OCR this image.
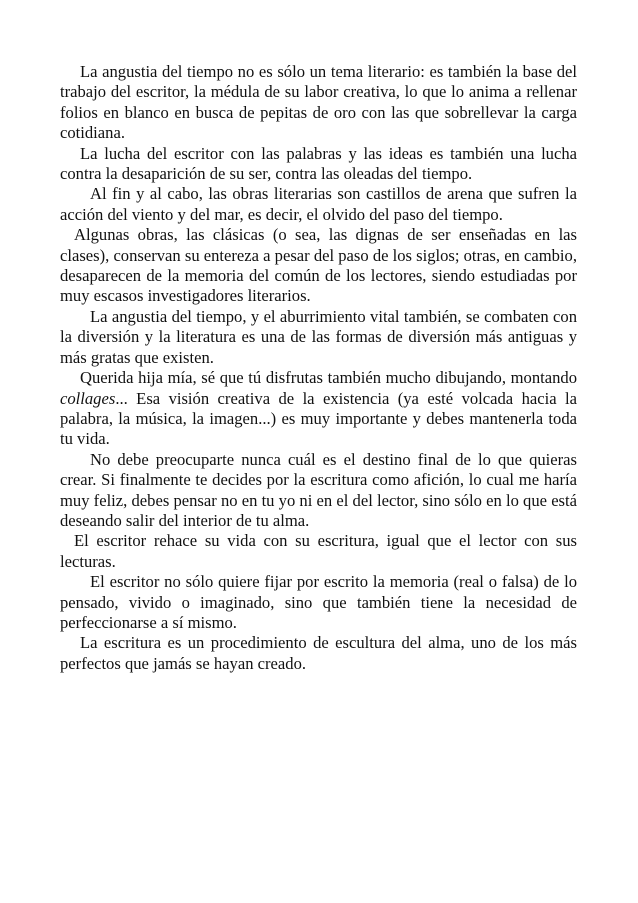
La angustia del tiempo no es sólo un tema literario: es también la base del trabajo del escritor, la médula de su labor creativa, lo que lo anima a rellenar folios en blanco en busca de pepitas de oro con las que sobrellevar la carga cotidiana.

La lucha del escritor con las palabras y las ideas es también una lucha contra la desaparición de su ser, contra las oleadas del tiempo.

Al fin y al cabo, las obras literarias son castillos de arena que sufren la acción del viento y del mar, es decir, el olvido del paso del tiempo.

Algunas obras, las clásicas (o sea, las dignas de ser enseñadas en las clases), conservan su entereza a pesar del paso de los siglos; otras, en cambio, desaparecen de la memoria del común de los lectores, siendo estudiadas por muy escasos investigadores literarios.

La angustia del tiempo, y el aburrimiento vital también, se combaten con la diversión y la literatura es una de las formas de diversión más antiguas y más gratas que existen.

Querida hija mía, sé que tú disfrutas también mucho dibujando, montando collages... Esa visión creativa de la existencia (ya esté volcada hacia la palabra, la música, la imagen...) es muy importante y debes mantenerla toda tu vida.

No debe preocuparte nunca cuál es el destino final de lo que quieras crear. Si finalmente te decides por la escritura como afición, lo cual me haría muy feliz, debes pensar no en tu yo ni en el del lector, sino sólo en lo que está deseando salir del interior de tu alma.

El escritor rehace su vida con su escritura, igual que el lector con sus lecturas.

El escritor no sólo quiere fijar por escrito la memoria (real o falsa) de lo pensado, vivido o imaginado, sino que también tiene la necesidad de perfeccionarse a sí mismo.

La escritura es un procedimiento de escultura del alma, uno de los más perfectos que jamás se hayan creado.
